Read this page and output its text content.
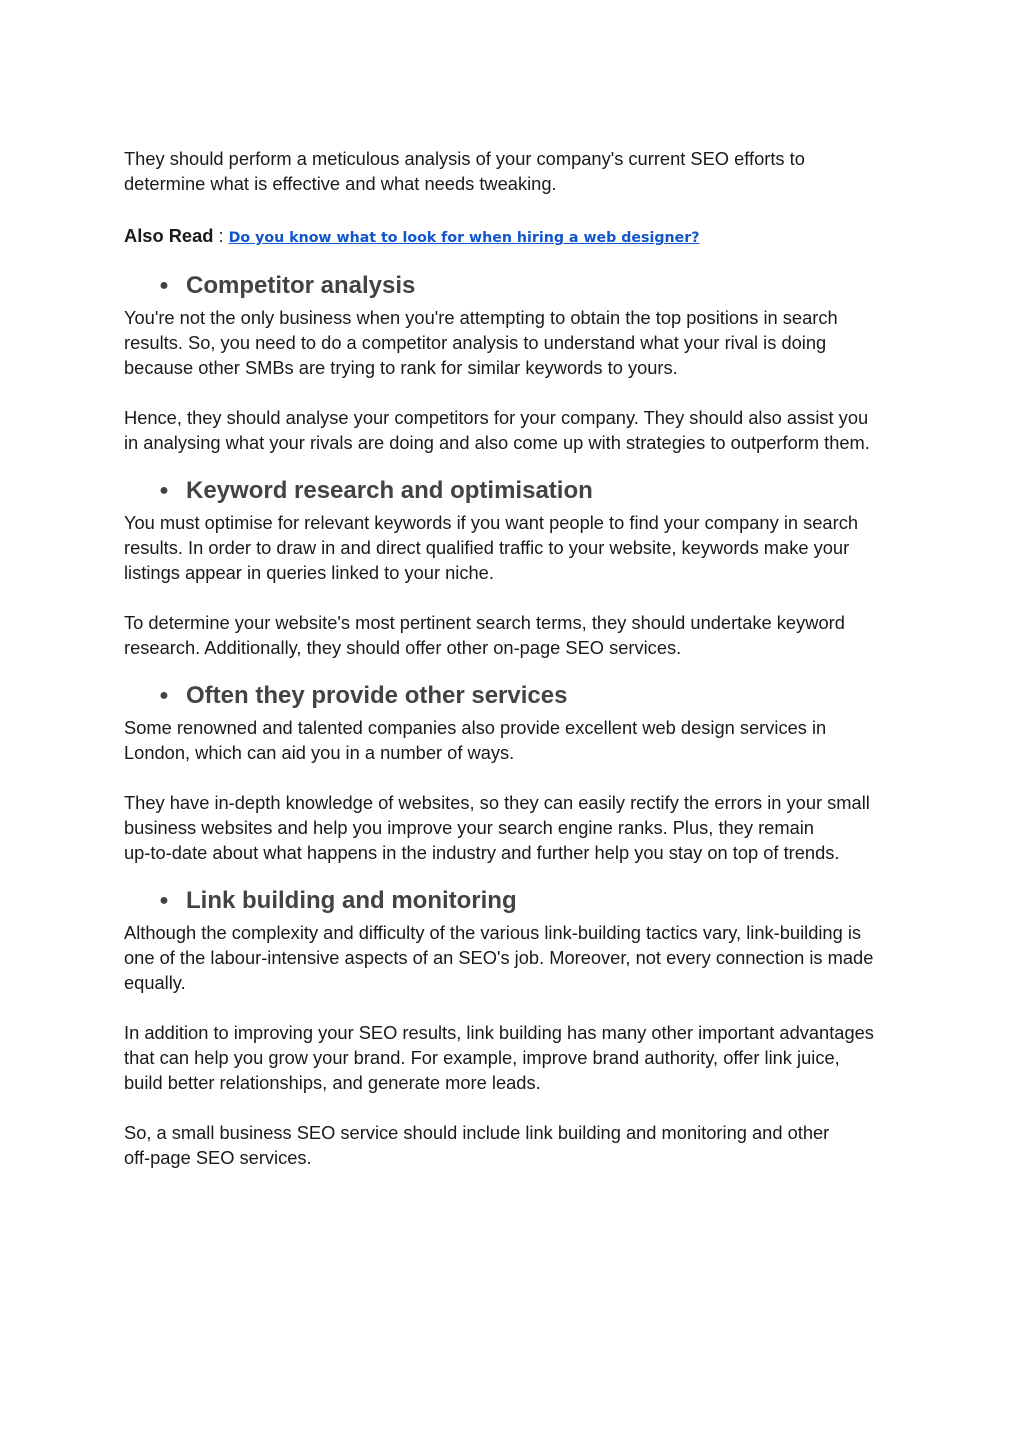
They should perform a meticulous analysis of your company's current SEO efforts to
determine what is effective and what needs tweaking.

Also Read : Do you know what to look for when hiring a web designer?
● Competitor analysis

You're not the only business when you're attempting to obtain the top positions in search
results. So, you need to do a competitor analysis to understand what your rival is doing
because other SMBs are trying to rank for similar keywords to yours.

Hence, they should analyse your competitors for your company. They should also assist you
in analysing what your rivals are doing and also come up with strategies to outperform them.

● Keyword research and optimisation

You must optimise for relevant keywords if you want people to find your company in search
results. In order to draw in and direct qualified traffic to your website, keywords make your
listings appear in queries linked to your niche.

To determine your website's most pertinent search terms, they should undertake keyword
research. Additionally, they should offer other on-page SEO services.

● Often they provide other services

Some renowned and talented companies also provide excellent web design services in
London, which can aid you in a number of ways.

They have in-depth knowledge of websites, so they can easily rectify the errors in your small
business websites and help you improve your search engine ranks. Plus, they remain
up-to-date about what happens in the industry and further help you stay on top of trends.

● Link building and monitoring

Although the complexity and difficulty of the various link-building tactics vary, link-building is
one of the labour-intensive aspects of an SEO's job. Moreover, not every connection is made
equally.

In addition to improving your SEO results, link building has many other important advantages
that can help you grow your brand. For example, improve brand authority, offer link juice,
build better relationships, and generate more leads.

So, a small business SEO service should include link building and monitoring and other
off-page SEO services.
